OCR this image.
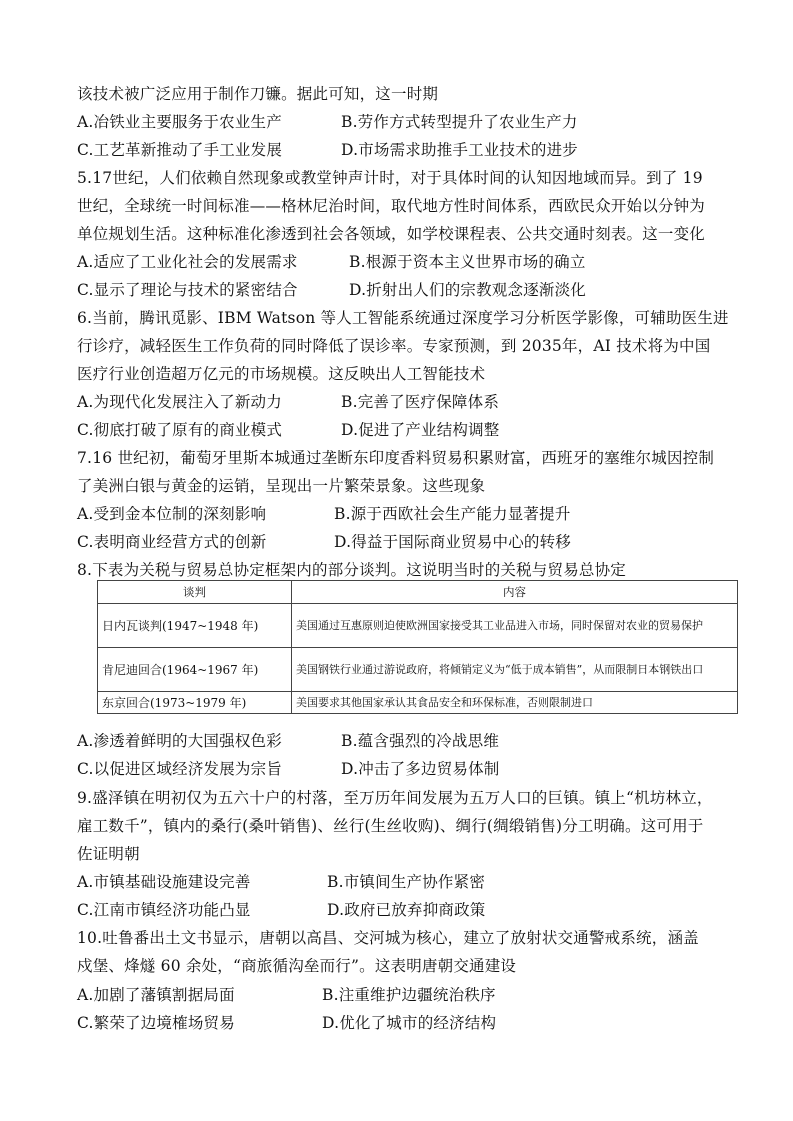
该技术被广泛应用于制作刀镰。据此可知，这一时期
A.冶铁业主要服务于农业生产	B.劳作方式转型提升了农业生产力
C.工艺革新推动了手工业发展	D.市场需求助推手工业技术的进步
5.17世纪，人们依赖自然现象或教堂钟声计时，对于具体时间的认知因地域而异。到了 19
世纪，全球统一时间标准——格林尼治时间，取代地方性时间体系，西欧民众开始以分钟为
单位规划生活。这种标准化渗透到社会各领域，如学校课程表、公共交通时刻表。这一变化
A.适应了工业化社会的发展需求	B.根源于资本主义世界市场的确立
C.显示了理论与技术的紧密结合	D.折射出人们的宗教观念逐渐淡化
6.当前，腾讯觅影、IBM Watson 等人工智能系统通过深度学习分析医学影像，可辅助医生进
行诊疗，减轻医生工作负荷的同时降低了误诊率。专家预测，到 2035年，AI 技术将为中国
医疗行业创造超万亿元的市场规模。这反映出人工智能技术
A.为现代化发展注入了新动力	B.完善了医疗保障体系
C.彻底打破了原有的商业模式	D.促进了产业结构调整
7.16 世纪初，葡萄牙里斯本城通过垄断东印度香料贸易积累财富，西班牙的塞维尔城因控制
了美洲白银与黄金的运销，呈现出一片繁荣景象。这些现象
A.受到金本位制的深刻影响	B.源于西欧社会生产能力显著提升
C.表明商业经营方式的创新	D.得益于国际商业贸易中心的转移
8.下表为关税与贸易总协定框架内的部分谈判。这说明当时的关税与贸易总协定
谈判	内容
日内瓦谈判(1947~1948 年)	美国通过互惠原则迫使欧洲国家接受其工业品进入市场，同时保留对农业的贸易保护
肯尼迪回合(1964~1967 年)	美国钢铁行业通过游说政府，将倾销定义为“低于成本销售”，从而限制日本钢铁出口
东京回合(1973~1979 年)	美国要求其他国家承认其食品安全和环保标准，否则限制进口
A.渗透着鲜明的大国强权色彩	B.蕴含强烈的冷战思维
C.以促进区域经济发展为宗旨	D.冲击了多边贸易体制
9.盛泽镇在明初仅为五六十户的村落，至万历年间发展为五万人口的巨镇。镇上“机坊林立，
雇工数千”，镇内的桑行(桑叶销售)、丝行(生丝收购)、绸行(绸缎销售)分工明确。这可用于
佐证明朝
A.市镇基础设施建设完善	B.市镇间生产协作紧密
C.江南市镇经济功能凸显	D.政府已放弃抑商政策
10.吐鲁番出土文书显示，唐朝以高昌、交河城为核心，建立了放射状交通警戒系统，涵盖
戍堡、烽燧 60 余处，“商旅循沟垒而行”。这表明唐朝交通建设
A.加剧了藩镇割据局面	B.注重维护边疆统治秩序
C.繁荣了边境榷场贸易	D.优化了城市的经济结构
